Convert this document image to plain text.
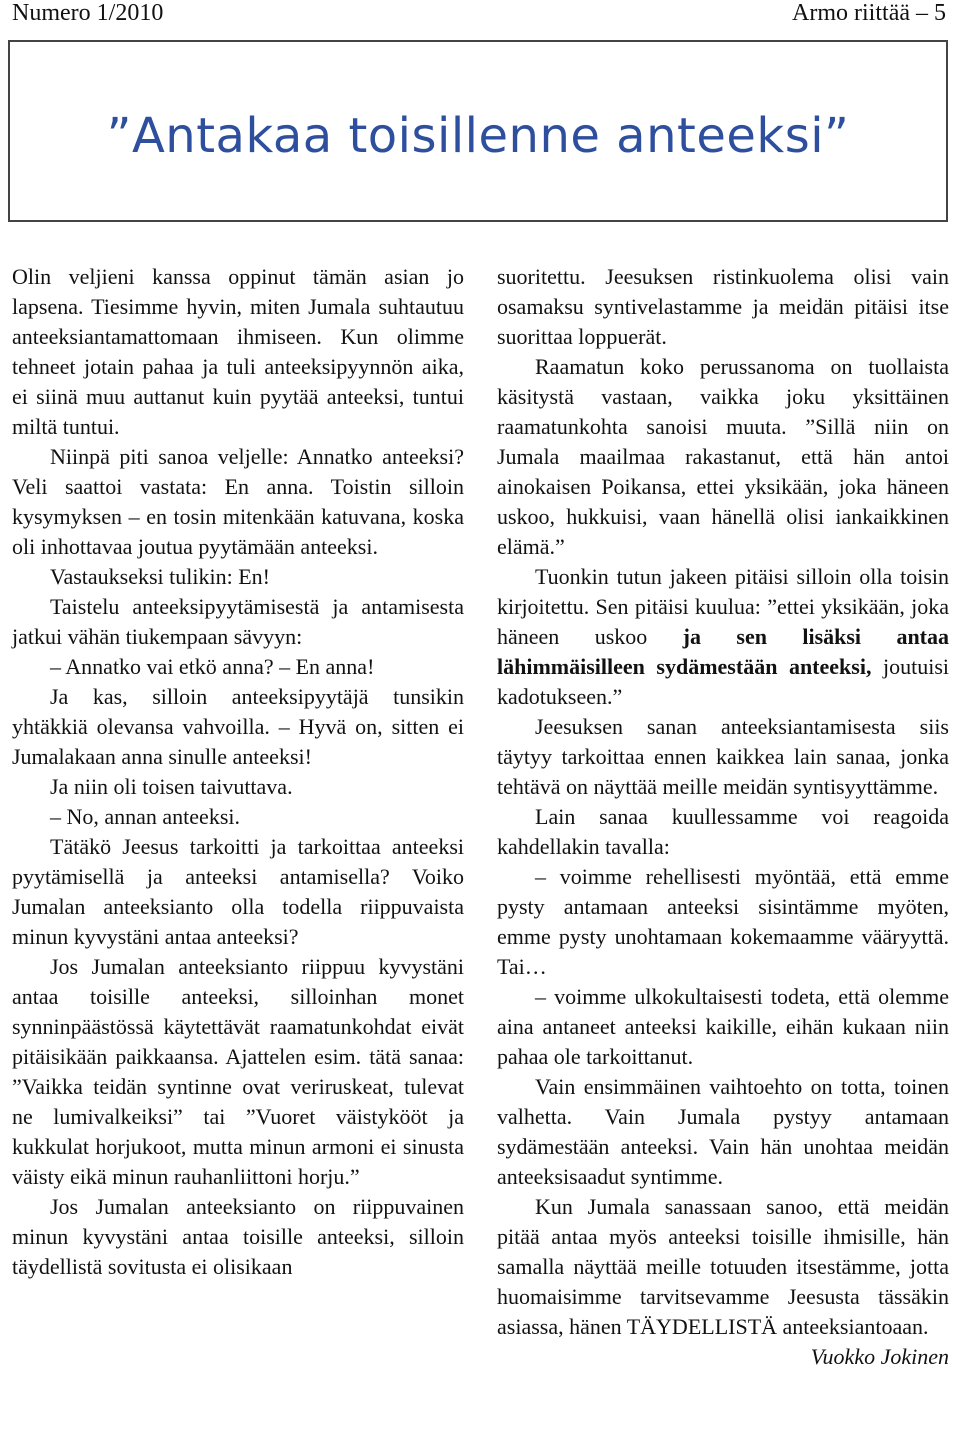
Numero 1/2010	Armo riittää – 5
”Antakaa toisillenne anteeksi”

Olin veljieni kanssa oppinut tämän asian jo lapsena. Tiesimme hyvin, miten Jumala suhtautuu anteeksiantamattomaan ihmiseen. Kun olimme tehneet jotain pahaa ja tuli anteeksipyynnön aika, ei siinä muu auttanut kuin pyytää anteeksi, tuntui miltä tuntui.

Niinpä piti sanoa veljelle: Annatko anteeksi? Veli saattoi vastata: En anna. Toistin silloin kysymyksen – en tosin mitenkään katuvana, koska oli inhottavaa joutua pyytämään anteeksi.

Vastaukseksi tulikin: En!

Taistelu anteeksipyytämisestä ja antamisesta jatkui vähän tiukempaan sävyyn:

– Annatko vai etkö anna? – En anna!

Ja kas, silloin anteeksipyytäjä tunsikin yhtäkkiä olevansa vahvoilla. – Hyvä on, sitten ei Jumalakaan anna sinulle anteeksi!

Ja niin oli toisen taivuttava.

– No, annan anteeksi.

Tätäkö Jeesus tarkoitti ja tarkoittaa anteeksi pyytämisellä ja anteeksi antamisella? Voiko Jumalan anteeksianto olla todella riippuvaista minun kyvystäni antaa anteeksi?

Jos Jumalan anteeksianto riippuu kyvystäni antaa toisille anteeksi, silloinhan monet synninpäästössä käytettävät raamatunkohdat eivät pitäisikään paikkaansa. Ajattelen esim. tätä sanaa: ”Vaikka teidän syntinne ovat veriruskeat, tulevat ne lumivalkeiksi” tai ”Vuoret väistykööt ja kukkulat horjukoot, mutta minun armoni ei sinusta väisty eikä minun rauhanliittoni horju.”

Jos Jumalan anteeksianto on riippuvainen minun kyvystäni antaa toisille anteeksi, silloin täydellistä sovitusta ei olisikaan

suoritettu. Jeesuksen ristinkuolema olisi vain osamaksu syntivelastamme ja meidän pitäisi itse suorittaa loppuerät.

Raamatun koko perussanoma on tuollaista käsitystä vastaan, vaikka joku yksittäinen raamatunkohta sanoisi muuta. ”Sillä niin on Jumala maailmaa rakastanut, että hän antoi ainokaisen Poikansa, ettei yksikään, joka häneen uskoo, hukkuisi, vaan hänellä olisi iankaikkinen elämä.”

Tuonkin tutun jakeen pitäisi silloin olla toisin kirjoitettu. Sen pitäisi kuulua: ”ettei yksikään, joka häneen uskoo ja sen lisäksi antaa lähimmäisilleen sydämestään anteeksi, joutuisi kadotukseen.”

Jeesuksen sanan anteeksiantamisesta siis täytyy tarkoittaa ennen kaikkea lain sanaa, jonka tehtävä on näyttää meille meidän syntisyyttämme.

Lain sanaa kuullessamme voi reagoida kahdellakin tavalla:

– voimme rehellisesti myöntää, että emme pysty antamaan anteeksi sisintämme myöten, emme pysty unohtamaan kokemaamme vääryyttä. Tai…

– voimme ulkokultaisesti todeta, että olemme aina antaneet anteeksi kaikille, eihän kukaan niin pahaa ole tarkoittanut.

Vain ensimmäinen vaihtoehto on totta, toinen valhetta. Vain Jumala pystyy antamaan sydämestään anteeksi. Vain hän unohtaa meidän anteeksisaadut syntimme.

Kun Jumala sanassaan sanoo, että meidän pitää antaa myös anteeksi toisille ihmisille, hän samalla näyttää meille totuuden itsestämme, jotta huomaisimme tarvitsevamme Jeesusta tässäkin asiassa, hänen TÄYDELLISTÄ anteeksiantoaan.

Vuokko Jokinen
